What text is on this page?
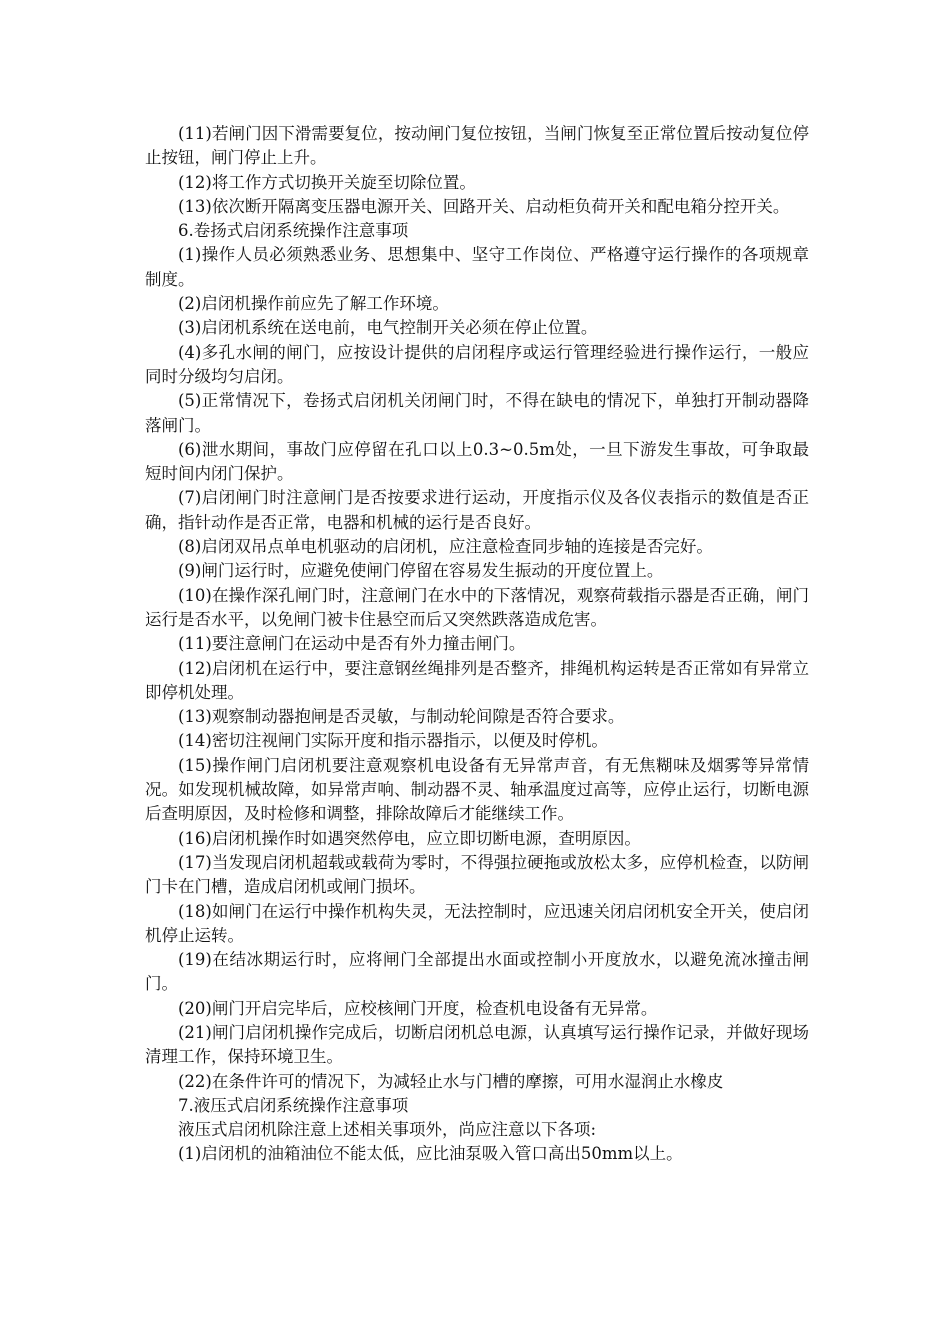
(11)若闸门因下滑需要复位，按动闸门复位按钮，当闸门恢复至正常位置后按动复位停止按钮，闸门停止上升。

(12)将工作方式切换开关旋至切除位置。

(13)依次断开隔离变压器电源开关、回路开关、启动柜负荷开关和配电箱分控开关。

6.卷扬式启闭系统操作注意事项

(1)操作人员必须熟悉业务、思想集中、坚守工作岗位、严格遵守运行操作的各项规章制度。

(2)启闭机操作前应先了解工作环境。

(3)启闭机系统在送电前，电气控制开关必须在停止位置。

(4)多孔水闸的闸门，应按设计提供的启闭程序或运行管理经验进行操作运行，一般应同时分级均匀启闭。

(5)正常情况下，卷扬式启闭机关闭闸门时，不得在缺电的情况下，单独打开制动器降落闸门。

(6)泄水期间，事故门应停留在孔口以上0.3~0.5m处，一旦下游发生事故，可争取最短时间内闭门保护。

(7)启闭闸门时注意闸门是否按要求进行运动，开度指示仪及各仪表指示的数值是否正确，指针动作是否正常，电器和机械的运行是否良好。

(8)启闭双吊点单电机驱动的启闭机，应注意检查同步轴的连接是否完好。

(9)闸门运行时，应避免使闸门停留在容易发生振动的开度位置上。

(10)在操作深孔闸门时，注意闸门在水中的下落情况，观察荷载指示器是否正确，闸门运行是否水平，以免闸门被卡住悬空而后又突然跌落造成危害。

(11)要注意闸门在运动中是否有外力撞击闸门。

(12)启闭机在运行中，要注意钢丝绳排列是否整齐，排绳机构运转是否正常如有异常立即停机处理。

(13)观察制动器抱闸是否灵敏，与制动轮间隙是否符合要求。

(14)密切注视闸门实际开度和指示器指示，以便及时停机。

(15)操作闸门启闭机要注意观察机电设备有无异常声音，有无焦糊味及烟雾等异常情况。如发现机械故障，如异常声响、制动器不灵、轴承温度过高等，应停止运行，切断电源后查明原因，及时检修和调整，排除故障后才能继续工作。

(16)启闭机操作时如遇突然停电，应立即切断电源，查明原因。

(17)当发现启闭机超载或载荷为零时，不得强拉硬拖或放松太多，应停机检查，以防闸门卡在门槽，造成启闭机或闸门损坏。

(18)如闸门在运行中操作机构失灵，无法控制时，应迅速关闭启闭机安全开关，使启闭机停止运转。

(19)在结冰期运行时，应将闸门全部提出水面或控制小开度放水，以避免流冰撞击闸门。

(20)闸门开启完毕后，应校核闸门开度，检查机电设备有无异常。

(21)闸门启闭机操作完成后，切断启闭机总电源，认真填写运行操作记录，并做好现场清理工作，保持环境卫生。

(22)在条件许可的情况下，为减轻止水与门槽的摩擦，可用水湿润止水橡皮

7.液压式启闭系统操作注意事项

液压式启闭机除注意上述相关事项外，尚应注意以下各项:

(1)启闭机的油箱油位不能太低，应比油泵吸入管口高出50mm以上。
